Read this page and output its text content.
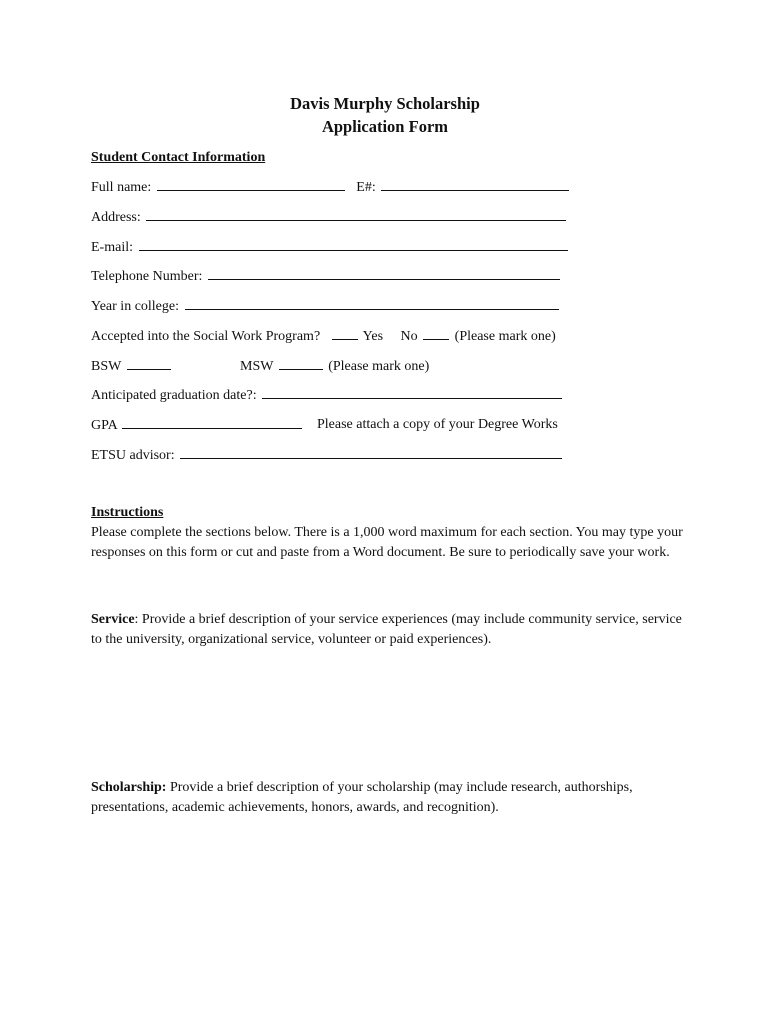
Davis Murphy Scholarship
Application Form
Student Contact Information
Full name:	E#:
Address:
E-mail:
Telephone Number:
Year in college:
Accepted into the Social Work Program?	Yes No	(Please mark one)
BSW	MSW	(Please mark one)
Anticipated graduation date?:
GPA	Please attach a copy of your Degree Works
ETSU advisor:
Instructions
Please complete the sections below. There is a 1,000 word maximum for each section. You may type your responses on this form or cut and paste from a Word document. Be sure to periodically save your work.
Service: Provide a brief description of your service experiences (may include community service, service to the university, organizational service, volunteer or paid experiences).
Scholarship: Provide a brief description of your scholarship (may include research, authorships, presentations, academic achievements, honors, awards, and recognition).
